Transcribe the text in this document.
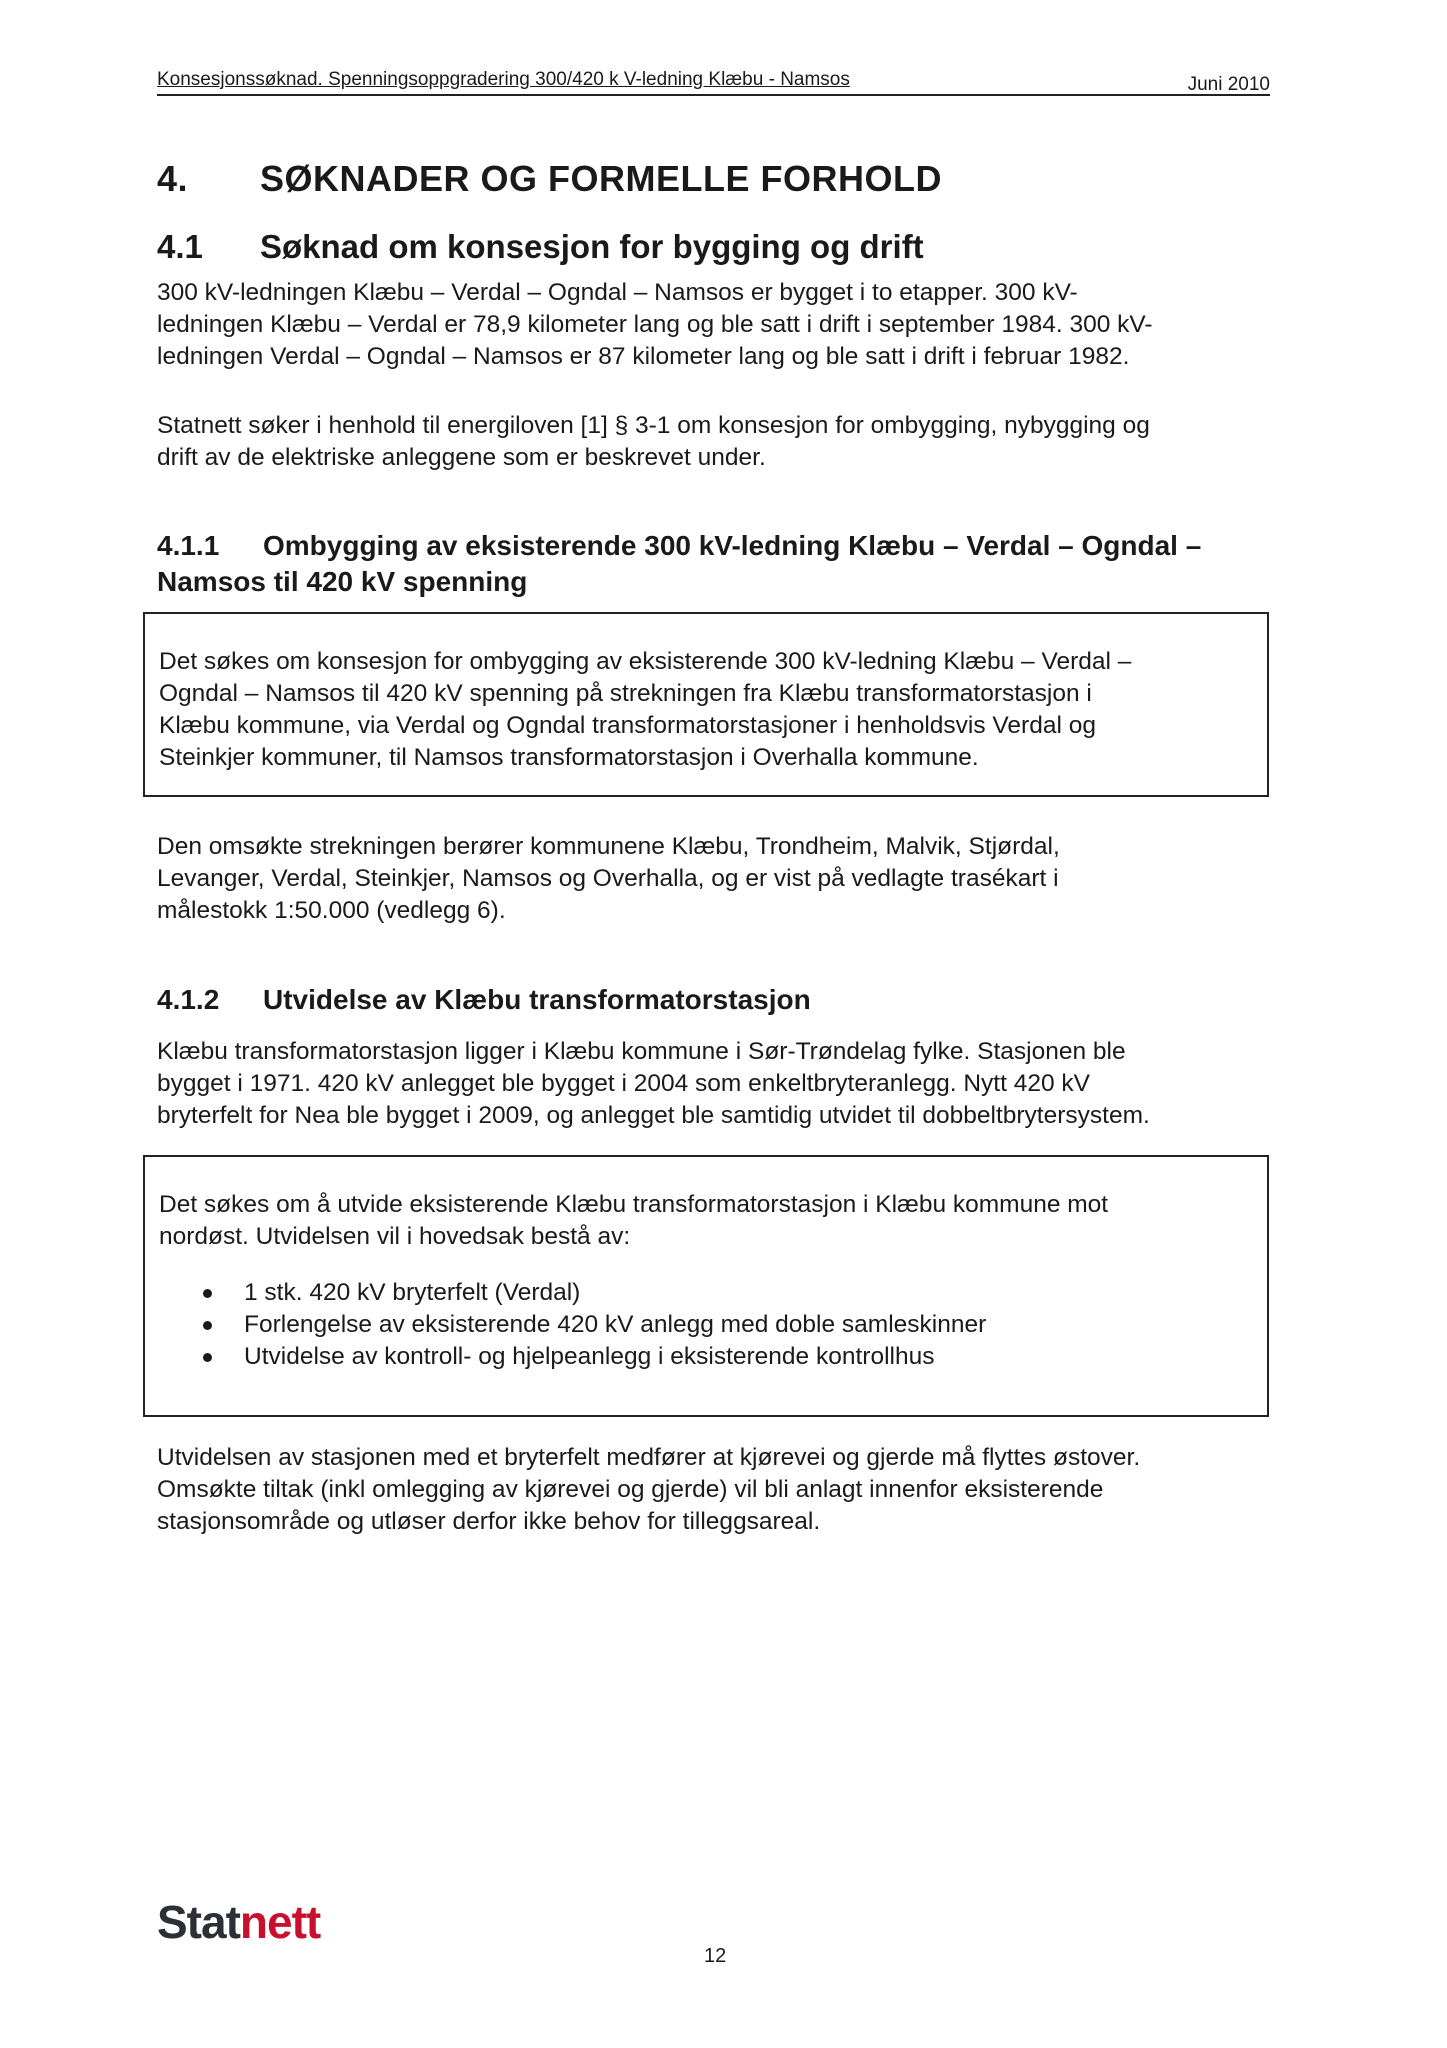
Konsesjonssøknad. Spenningsoppgradering 300/420 k V-ledning Klæbu - Namsos	Juni 2010
4. SØKNADER OG FORMELLE FORHOLD
4.1 Søknad om konsesjon for bygging og drift

300 kV-ledningen Klæbu – Verdal – Ogndal – Namsos er bygget i to etapper. 300 kV-
ledningen Klæbu – Verdal er 78,9 kilometer lang og ble satt i drift i september 1984. 300 kV-
ledningen Verdal – Ogndal – Namsos er 87 kilometer lang og ble satt i drift i februar 1982.

Statnett søker i henhold til energiloven [1] § 3-1 om konsesjon for ombygging, nybygging og
drift av de elektriske anleggene som er beskrevet under.

4.1.1 Ombygging av eksisterende 300 kV-ledning Klæbu – Verdal – Ogndal –
Namsos til 420 kV spenning

Det søkes om konsesjon for ombygging av eksisterende 300 kV-ledning Klæbu – Verdal –
Ogndal – Namsos til 420 kV spenning på strekningen fra Klæbu transformatorstasjon i
Klæbu kommune, via Verdal og Ogndal transformatorstasjoner i henholdsvis Verdal og
Steinkjer kommuner, til Namsos transformatorstasjon i Overhalla kommune.

Den omsøkte strekningen berører kommunene Klæbu, Trondheim, Malvik, Stjørdal,
Levanger, Verdal, Steinkjer, Namsos og Overhalla, og er vist på vedlagte trasékart i
målestokk 1:50.000 (vedlegg 6).

4.1.2 Utvidelse av Klæbu transformatorstasjon

Klæbu transformatorstasjon ligger i Klæbu kommune i Sør-Trøndelag fylke. Stasjonen ble
bygget i 1971. 420 kV anlegget ble bygget i 2004 som enkeltbryteranlegg. Nytt 420 kV
bryterfelt for Nea ble bygget i 2009, og anlegget ble samtidig utvidet til dobbeltbrytersystem.

Det søkes om å utvide eksisterende Klæbu transformatorstasjon i Klæbu kommune mot
nordøst. Utvidelsen vil i hovedsak bestå av:

1 stk. 420 kV bryterfelt (Verdal)
Forlengelse av eksisterende 420 kV anlegg med doble samleskinner
Utvidelse av kontroll- og hjelpeanlegg i eksisterende kontrollhus

Utvidelsen av stasjonen med et bryterfelt medfører at kjørevei og gjerde må flyttes østover.
Omsøkte tiltak (inkl omlegging av kjørevei og gjerde) vil bli anlagt innenfor eksisterende
stasjonsområde og utløser derfor ikke behov for tilleggsareal.

Statnett
12
